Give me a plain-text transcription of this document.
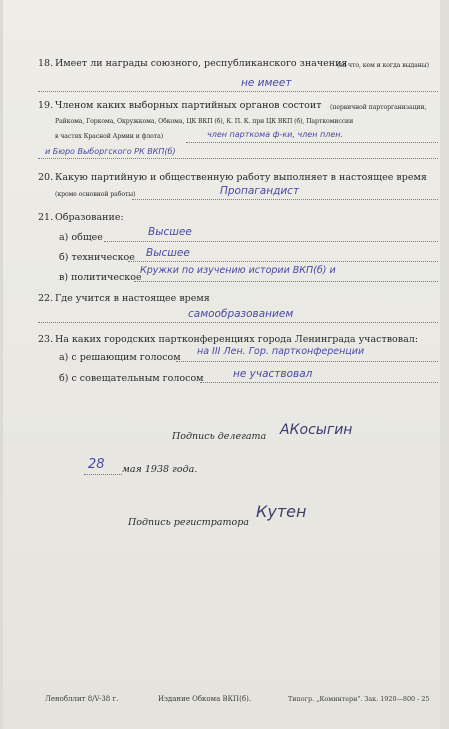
18. Имеет ли награды союзного, республиканского значения
(за что, кем и когда выданы)
не имеет
19. Членом каких выборных партийных органов состоит (первичной парторганизации,
Райкома, Горкома, Окружкома, Обкома, ЦК ВКП (б), К. П. К. при ЦК ВКП (б), Парткомиссии
в частях Красной Армии и флота)	член парткома ф-ки, член плен.
и Бюро Выборгского РК ВКП(б)
20. Какую партийную и общественную работу выполняет в настоящее время
(кроме основной работы)	Пропагандист
21. Образование:
а) общее	Высшее
б) техническое Высшее
в) политическое
Кружки по изучению истории ВКП(б) и
22. Где учится в настоящее время
самообразованием
23. На каких городских партконференциях города Ленинграда участвовал:
а) с решающим голосом
на III Лен. Гор. партконференции
б) с совещательным голосом	не участвовал
Подпись делегата АКосыгин
28 мая 1938 года.
Подпись регистратора
Кутен
Ленобллит 8/V-38 г.	Издание Обкома ВКП(б).	Типогр. „Коминтерн". Зак. 1920—800 - 25
